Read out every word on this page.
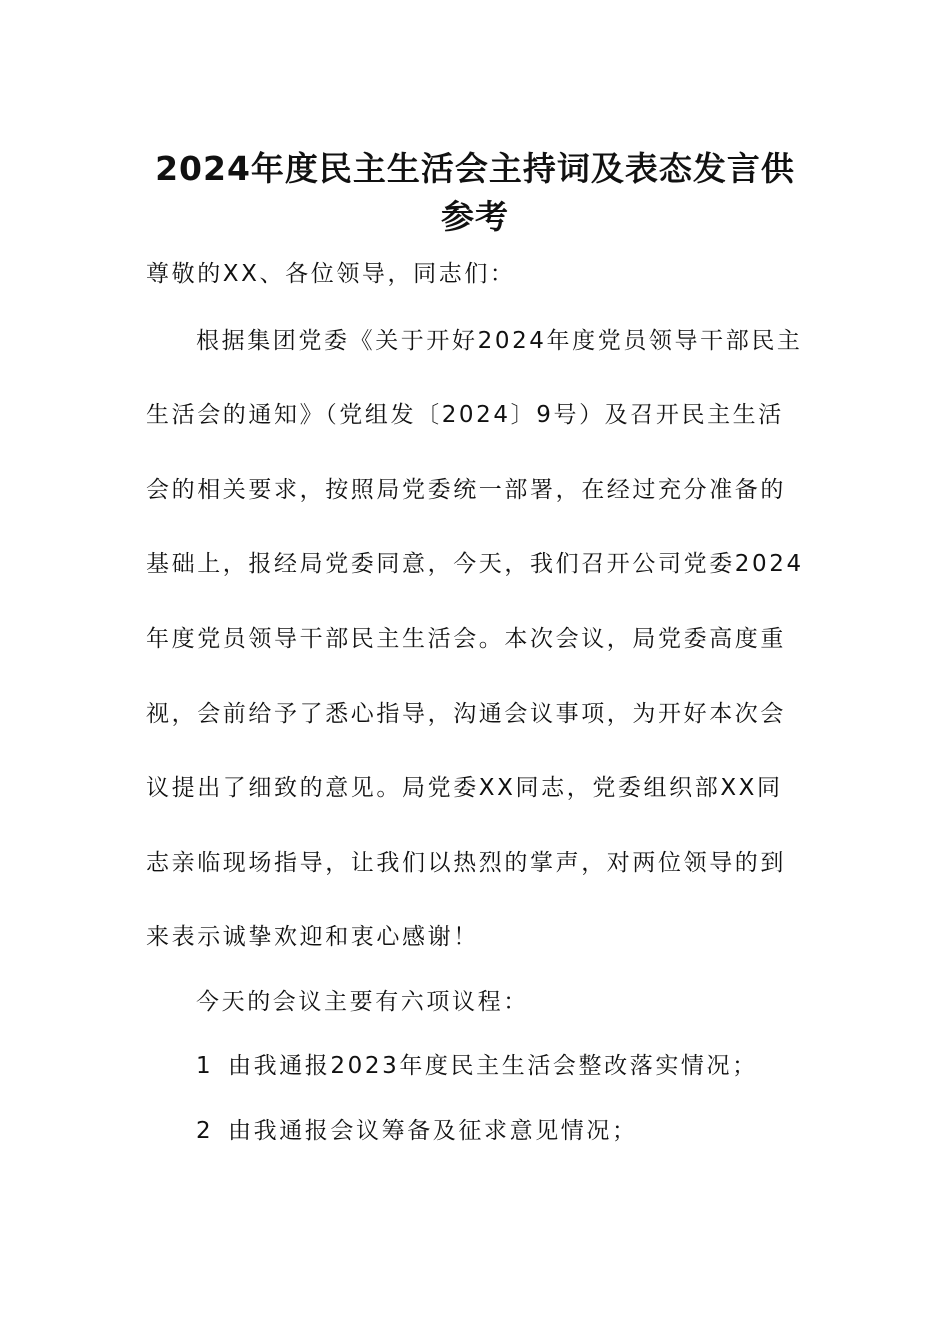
2024年度民主生活会主持词及表态发言供
参考

尊敬的XX、各位领导，同志们：

根据集团党委《关于开好2024年度党员领导干部民主

生活会的通知》（党组发〔2024〕9号）及召开民主生活

会的相关要求，按照局党委统一部署，在经过充分准备的

基础上，报经局党委同意，今天，我们召开公司党委2024

年度党员领导干部民主生活会。本次会议，局党委高度重

视，会前给予了悉心指导，沟通会议事项，为开好本次会

议提出了细致的意见。局党委XX同志，党委组织部XX同

志亲临现场指导，让我们以热烈的掌声，对两位领导的到

来表示诚挚欢迎和衷心感谢！

今天的会议主要有六项议程：

1 由我通报2023年度民主生活会整改落实情况；

2 由我通报会议筹备及征求意见情况；
